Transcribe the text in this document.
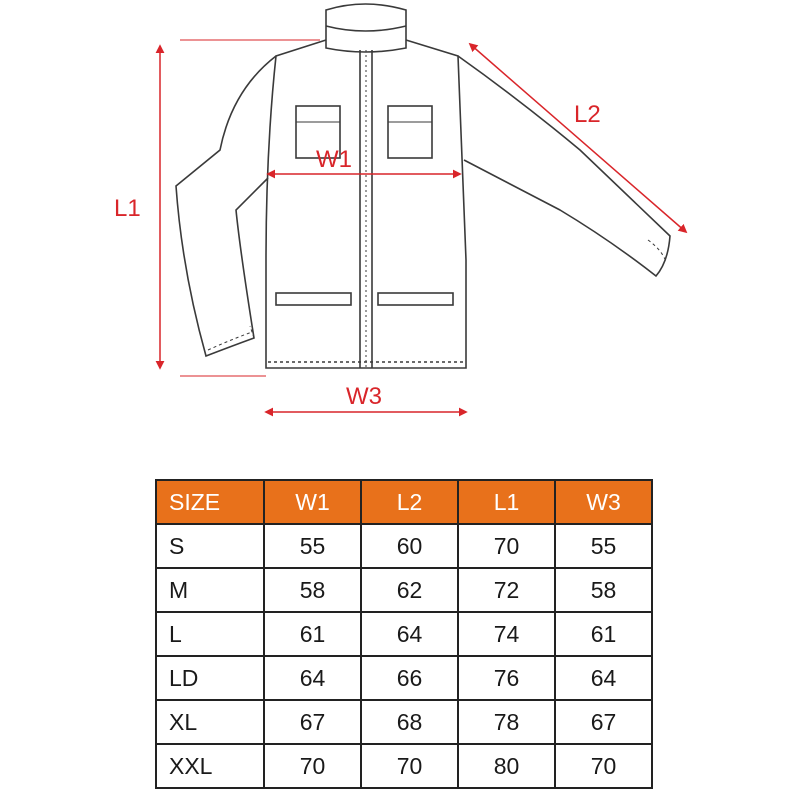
L1
L2
W1
W3
SIZE	W1	L2	L1	W3
S	55	60	70	55
M	58	62	72	58
L	61	64	74	61
LD	64	66	76	64
XL	67	68	78	67
XXL	70	70	80	70
